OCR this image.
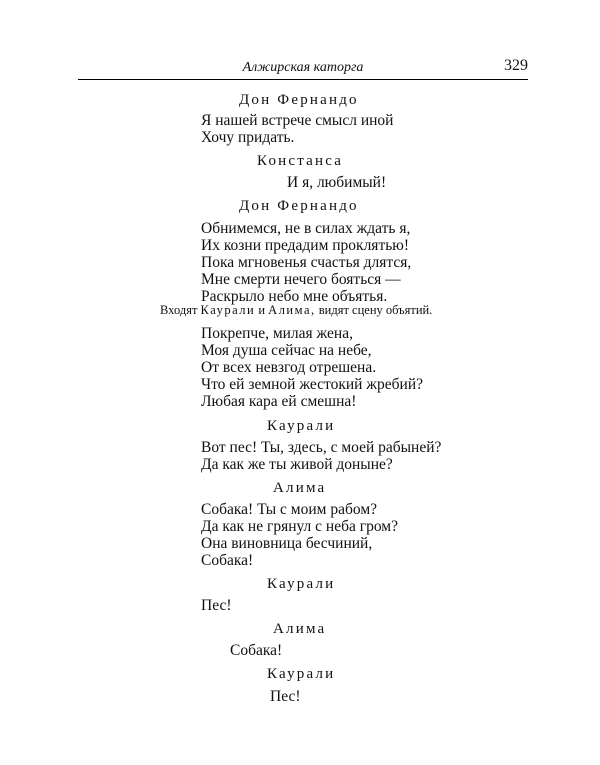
Алжирская каторга	329
Дон Фернандо
Я нашей встрече смысл иной
Хочу придать.
Констанса
И я, любимый!
Дон Фернандо
Обнимемся, не в силах ждать я,
Их козни предадим проклятью!
Пока мгновенья счастья длятся,
Мне смерти нечего бояться —
Раскрыло небо мне объятья.
Входят Каурали и Алима, видят сцену объятий.
Покрепче, милая жена,
Моя душа сейчас на небе,
От всех невзгод отрешена.
Что ей земной жестокий жребий?
Любая кара ей смешна!
Каурали
Вот пес! Ты, здесь, с моей рабыней?
Да как же ты живой доныне?
Алима
Собака! Ты с моим рабом?
Да как не грянул с неба гром?
Она виновница бесчиний,
Собака!
Каурали
Пес!
Алима
Собака!
Каурали
Пес!
